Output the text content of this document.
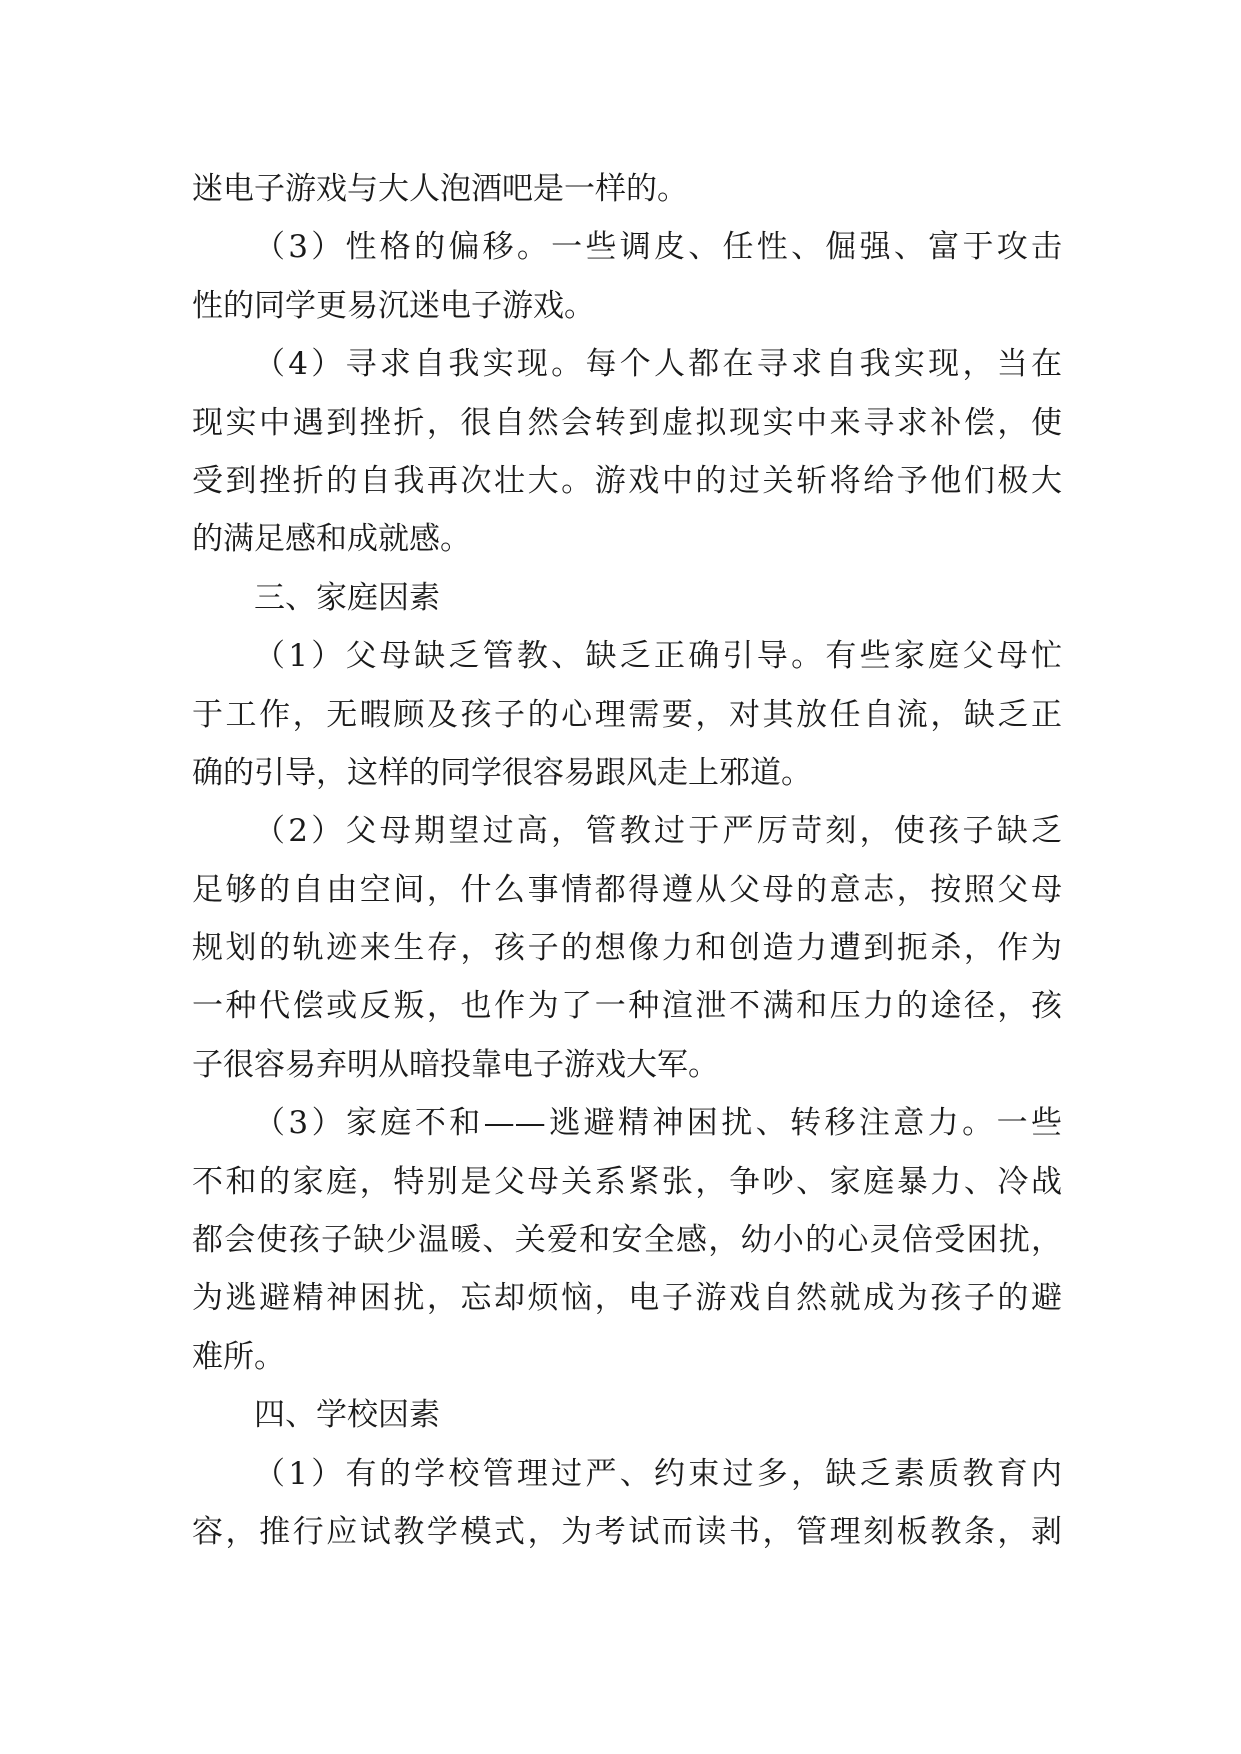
迷电子游戏与大人泡酒吧是一样的。
（3）性格的偏移。一些调皮、任性、倔强、富于攻击
性的同学更易沉迷电子游戏。
（4）寻求自我实现。每个人都在寻求自我实现，当在
现实中遇到挫折，很自然会转到虚拟现实中来寻求补偿，使
受到挫折的自我再次壮大。游戏中的过关斩将给予他们极大
的满足感和成就感。
三、家庭因素
（1）父母缺乏管教、缺乏正确引导。有些家庭父母忙
于工作，无暇顾及孩子的心理需要，对其放任自流，缺乏正
确的引导，这样的同学很容易跟风走上邪道。
（2）父母期望过高，管教过于严厉苛刻，使孩子缺乏
足够的自由空间，什么事情都得遵从父母的意志，按照父母
规划的轨迹来生存，孩子的想像力和创造力遭到扼杀，作为
一种代偿或反叛，也作为了一种渲泄不满和压力的途径，孩
子很容易弃明从暗投靠电子游戏大军。
（3）家庭不和——逃避精神困扰、转移注意力。一些
不和的家庭，特别是父母关系紧张，争吵、家庭暴力、冷战
都会使孩子缺少温暖、关爱和安全感，幼小的心灵倍受困扰，
为逃避精神困扰，忘却烦恼，电子游戏自然就成为孩子的避
难所。
四、学校因素
（1）有的学校管理过严、约束过多，缺乏素质教育内
容，推行应试教学模式，为考试而读书，管理刻板教条，剥
